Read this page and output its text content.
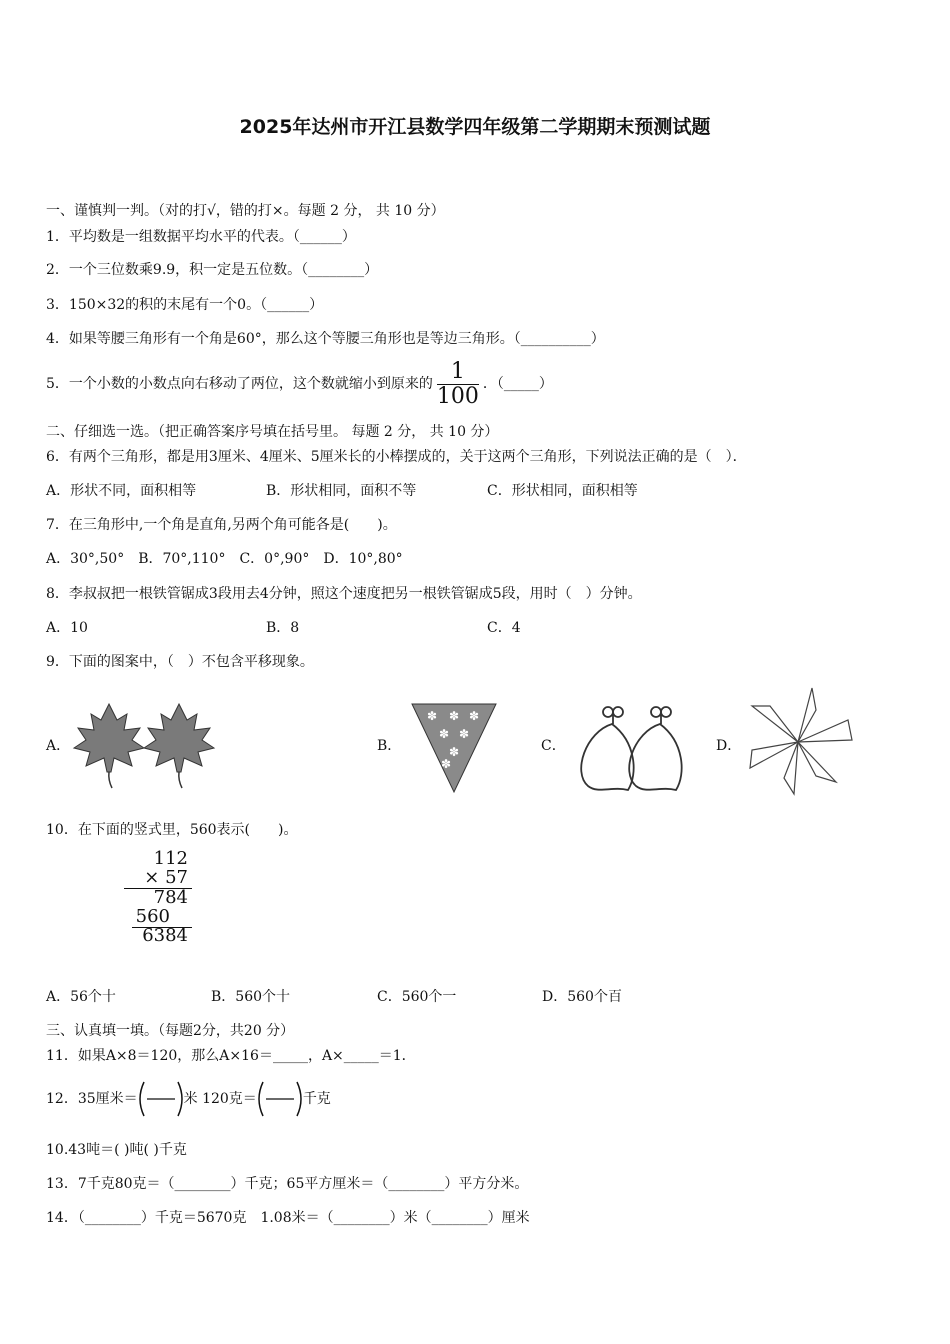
2025年达州市开江县数学四年级第二学期期末预测试题
一、谨慎判一判。（对的打√，错的打×。每题 2 分， 共 10 分）
1．平均数是一组数据平均水平的代表。（______）
2．一个三位数乘9.9，积一定是五位数。（________）
3．150×32的积的末尾有一个0。（______）
4．如果等腰三角形有一个角是60°，那么这个等腰三角形也是等边三角形。（__________）
5．一个小数的小数点向右移动了两位，这个数就缩小到原来的 $\frac{1}{100}$ ．（_____）
二、仔细选一选。（把正确答案序号填在括号里。 每题 2 分， 共 10 分）
6．有两个三角形，都是用3厘米、4厘米、5厘米长的小棒摆成的，关于这两个三角形，下列说法正确的是（　）．
A．形状不同，面积相等	B．形状相同，面积不等	C．形状相同，面积相等
7．在三角形中,一个角是直角,另两个角可能各是(　　)。
A．30°,50°　B．70°,110°　C．0°,90°　D．10°,80°
8．李叔叔把一根铁管锯成3段用去4分钟，照这个速度把另一根铁管锯成5段，用时（　）分钟。
A．10	B．8	C．4
9．下面的图案中，（　）不包含平移现象。
A．	B．
✽ ✽ ✽
✽ ✽
✽
✽
C．	D．
10．在下面的竖式里，560表示(　　)。
112
× 57
784
560
6384
A．56个十	B．560个十	C．560个一	D．560个百
三、认真填一填。（每题2分，共20 分）
11．如果A×8＝120，那么A×16＝_____，A×_____＝1．
12．35厘米＝	米 120克＝	千克
10.43吨＝( )吨( )千克
13．7千克80克＝（________）千克；65平方厘米＝（________）平方分米。
14．（________）千克＝5670克　1.08米＝（________）米（________）厘米
